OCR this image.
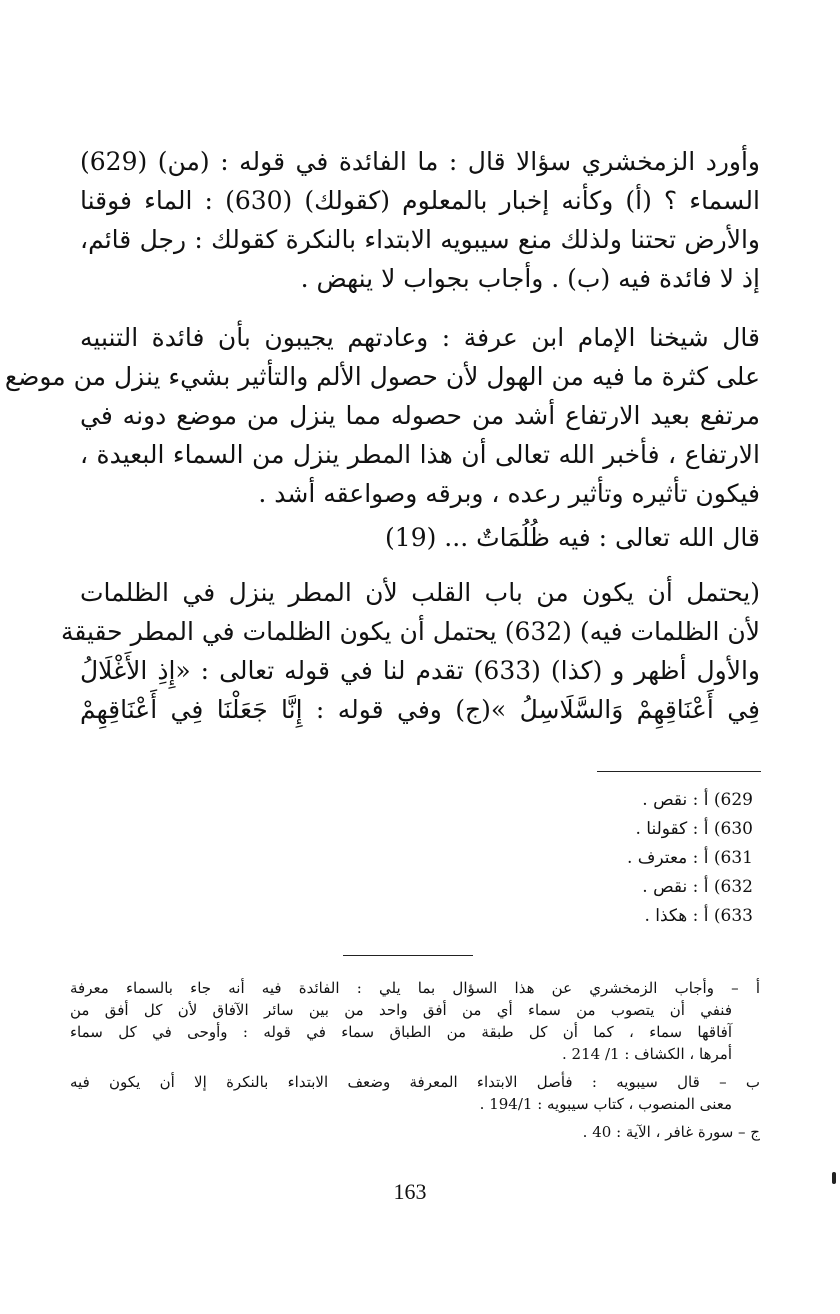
وأورد الزمخشري سؤالا قال : ما الفائدة في قوله : (من) (629)
السماء ؟ (أ) وكأنه إخبار بالمعلوم (كقولك) (630) : الماء فوقنا
والأرض تحتنا ولذلك منع سيبويه الابتداء بالنكرة كقولك : رجل قائم،
إذ لا فائدة فيه (ب) . وأجاب بجواب لا ينهض .
قال شيخنا الإمام ابن عرفة : وعادتهم يجيبون بأن فائدة التنبيه
على كثرة ما فيه من الهول لأن حصول الألم والتأثير بشيء ينزل من موضع
مرتفع بعيد الارتفاع أشد من حصوله مما ينزل من موضع دونه في
الارتفاع ، فأخبر الله تعالى أن هذا المطر ينزل من السماء البعيدة ،
فيكون تأثيره وتأثير رعده ، وبرقه وصواعقه أشد .
قال الله تعالى : فيه ظُلُمَاتٌ ... (19)
(يحتمل أن يكون من باب القلب لأن المطر ينزل في الظلمات
لأن الظلمات فيه) (632) يحتمل أن يكون الظلمات في المطر حقيقة
والأول أظهر و (كذا) (633) تقدم لنا في قوله تعالى : «إِذِ الأَغْلَالُ
فِي أَعْنَاقِهِمْ وَالسَّلَاسِلُ »(ج) وفي قوله : إِنَّا جَعَلْنَا فِي أَعْنَاقِهِمْ
629) أ : نقص .
630) أ : كقولنا .
631) أ : معترف .
632) أ : نقص .
633) أ : هكذا .
أ – وأجاب الزمخشري عن هذا السؤال بما يلي : الفائدة فيه أنه جاء بالسماء معرفة
فنفي أن يتصوب من سماء أي من أفق واحد من بين سائر الآفاق لأن كل أفق من
آفاقها سماء ، كما أن كل طبقة من الطباق سماء في قوله : وأوحى في كل سماء
أمرها ، الكشاف : 1/ 214 .
ب – قال سيبويه : فأصل الابتداء المعرفة وضعف الابتداء بالنكرة إلا أن يكون فيه
معنى المنصوب ، كتاب سيبويه : 194/1 .
ج – سورة غافر ، الآية : 40 .
163
